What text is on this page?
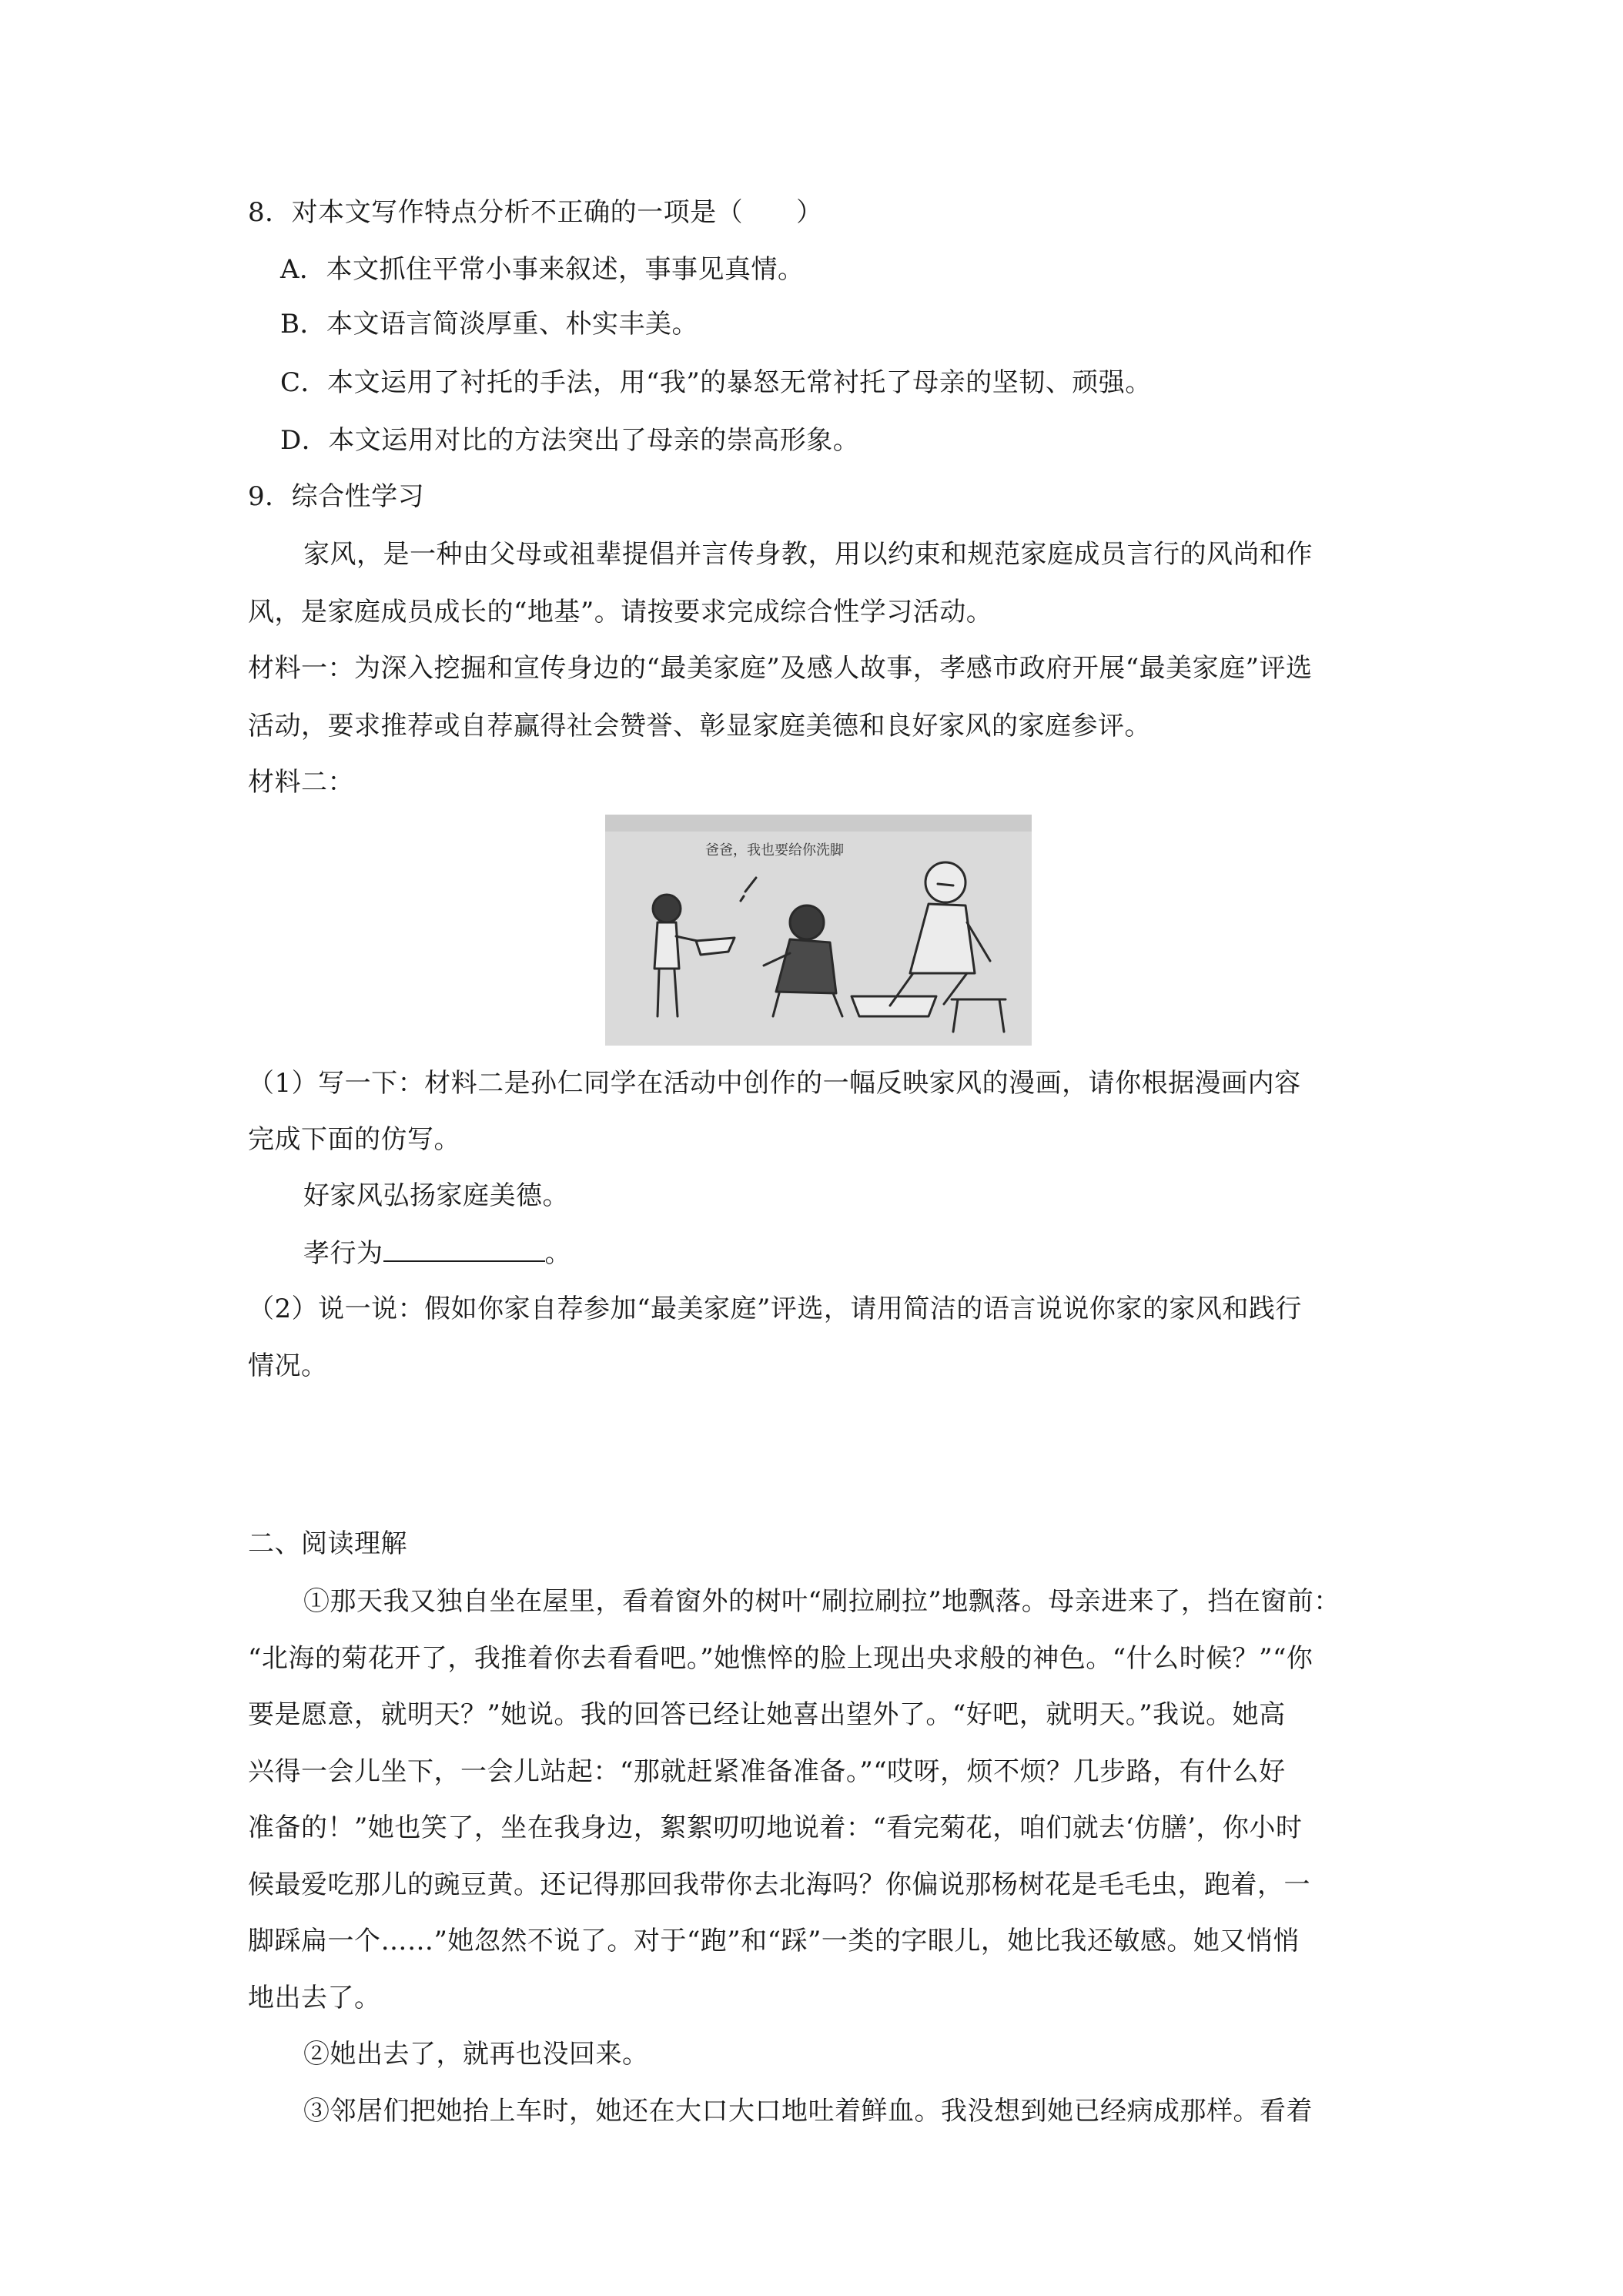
8．对本文写作特点分析不正确的一项是（　　）
A．本文抓住平常小事来叙述，事事见真情。
B．本文语言简淡厚重、朴实丰美。
C．本文运用了衬托的手法，用“我”的暴怒无常衬托了母亲的坚韧、顽强。
D．本文运用对比的方法突出了母亲的崇高形象。
9．综合性学习
家风，是一种由父母或祖辈提倡并言传身教，用以约束和规范家庭成员言行的风尚和作
风，是家庭成员成长的“地基”。请按要求完成综合性学习活动。
材料一：为深入挖掘和宣传身边的“最美家庭”及感人故事，孝感市政府开展“最美家庭”评选
活动，要求推荐或自荐赢得社会赞誉、彰显家庭美德和良好家风的家庭参评。
材料二：
爸爸，我也要给你洗脚
（1）写一下：材料二是孙仁同学在活动中创作的一幅反映家风的漫画，请你根据漫画内容
完成下面的仿写。
好家风弘扬家庭美德。
孝行为	。
（2）说一说：假如你家自荐参加“最美家庭”评选，请用简洁的语言说说你家的家风和践行
情况。
二、阅读理解
①那天我又独自坐在屋里，看着窗外的树叶“刷拉刷拉”地飘落。母亲进来了，挡在窗前：
“北海的菊花开了，我推着你去看看吧。”她憔悴的脸上现出央求般的神色。“什么时候？”“你
要是愿意，就明天？”她说。我的回答已经让她喜出望外了。“好吧，就明天。”我说。她高
兴得一会儿坐下，一会儿站起：“那就赶紧准备准备。”“哎呀，烦不烦？几步路，有什么好
准备的！”她也笑了，坐在我身边，絮絮叨叨地说着：“看完菊花，咱们就去‘仿膳’，你小时
候最爱吃那儿的豌豆黄。还记得那回我带你去北海吗？你偏说那杨树花是毛毛虫，跑着，一
脚踩扁一个……”她忽然不说了。对于“跑”和“踩”一类的字眼儿，她比我还敏感。她又悄悄
地出去了。
②她出去了，就再也没回来。
③邻居们把她抬上车时，她还在大口大口地吐着鲜血。我没想到她已经病成那样。看着
